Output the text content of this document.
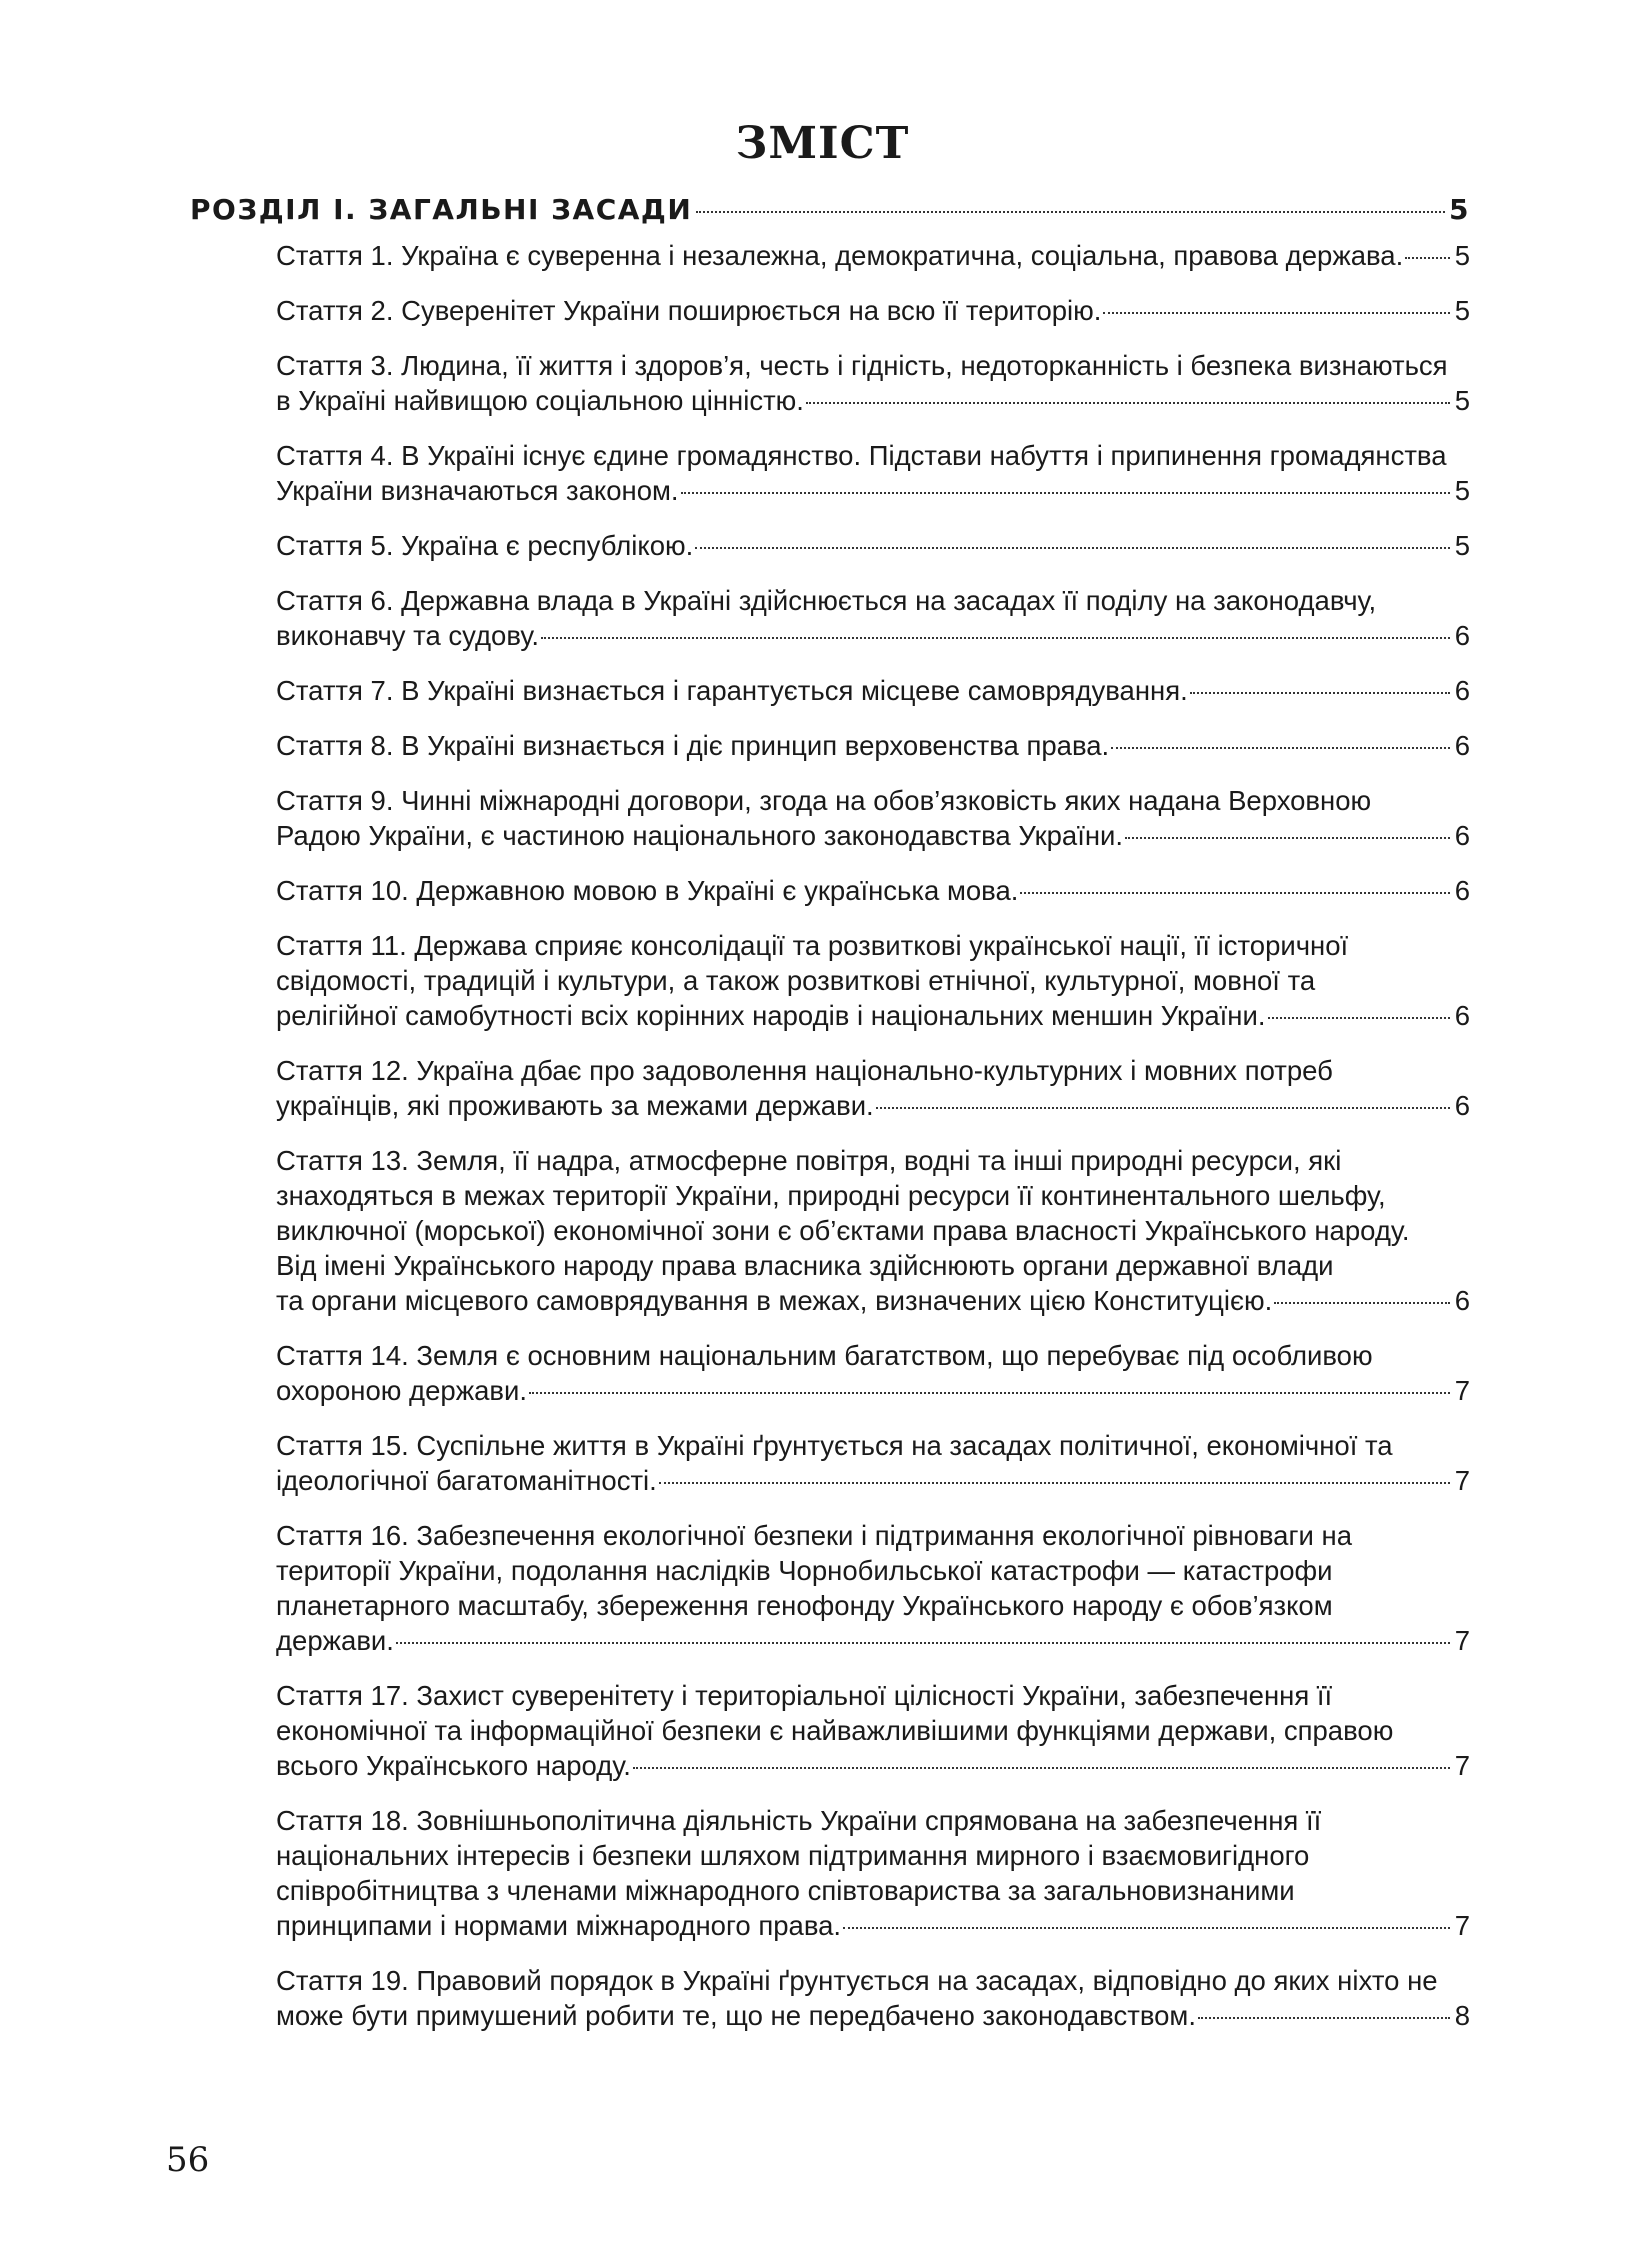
ЗМІСТ
РОЗДІЛ І. ЗАГАЛЬНІ ЗАСАДИ	5
Стаття 1. Україна є суверенна і незалежна, демократична, соціальна, правова держава. 5
Стаття 2. Суверенітет України поширюється на всю її територію.	5
Стаття 3. Людина, її життя і здоров’я, честь і гідність, недоторканність і безпека визнаються
в Україні найвищою соціальною цінністю.	5
Стаття 4. В Україні існує єдине громадянство. Підстави набуття і припинення громадянства
України визначаються законом.	5
Стаття 5. Україна є республікою.	5
Стаття 6. Державна влада в Україні здійснюється на засадах її поділу на законодавчу,
виконавчу та судову.	6
Стаття 7. В Україні визнається і гарантується місцеве самоврядування.	6
Стаття 8. В Україні визнається і діє принцип верховенства права.	6
Стаття 9. Чинні міжнародні договори, згода на обов’язковість яких надана Верховною
Радою України, є частиною національного законодавства України.	6
Стаття 10. Державною мовою в Україні є українська мова.	6
Стаття 11. Держава сприяє консолідації та розвиткові української нації, її історичної
свідомості, традицій і культури, а також розвиткові етнічної, культурної, мовної та
релігійної самобутності всіх корінних народів і національних меншин України.	6
Стаття 12. Україна дбає про задоволення національно-культурних і мовних потреб
українців, які проживають за межами держави.	6
Стаття 13. Земля, її надра, атмосферне повітря, водні та інші природні ресурси, які
знаходяться в межах території України, природні ресурси її континентального шельфу,
виключної (морської) економічної зони є об’єктами права власності Українського народу.
Від імені Українського народу права власника здійснюють органи державної влади
та органи місцевого самоврядування в межах, визначених цією Конституцією.	6
Стаття 14. Земля є основним національним багатством, що перебуває під особливою
охороною держави.	7
Стаття 15. Суспільне життя в Україні ґрунтується на засадах політичної, економічної та
ідеологічної багатоманітності.	7
Стаття 16. Забезпечення екологічної безпеки і підтримання екологічної рівноваги на
території України, подолання наслідків Чорнобильської катастрофи — катастрофи
планетарного масштабу, збереження генофонду Українського народу є обов’язком
держави.	7
Стаття 17. Захист суверенітету і територіальної цілісності України, забезпечення її
економічної та інформаційної безпеки є найважливішими функціями держави, справою
всього Українського народу.	7
Стаття 18. Зовнішньополітична діяльність України спрямована на забезпечення її
національних інтересів і безпеки шляхом підтримання мирного і взаємовигідного
співробітництва з членами міжнародного співтовариства за загальновизнаними
принципами і нормами міжнародного права.	7
Стаття 19. Правовий порядок в Україні ґрунтується на засадах, відповідно до яких ніхто не
може бути примушений робити те, що не передбачено законодавством.	8
56
